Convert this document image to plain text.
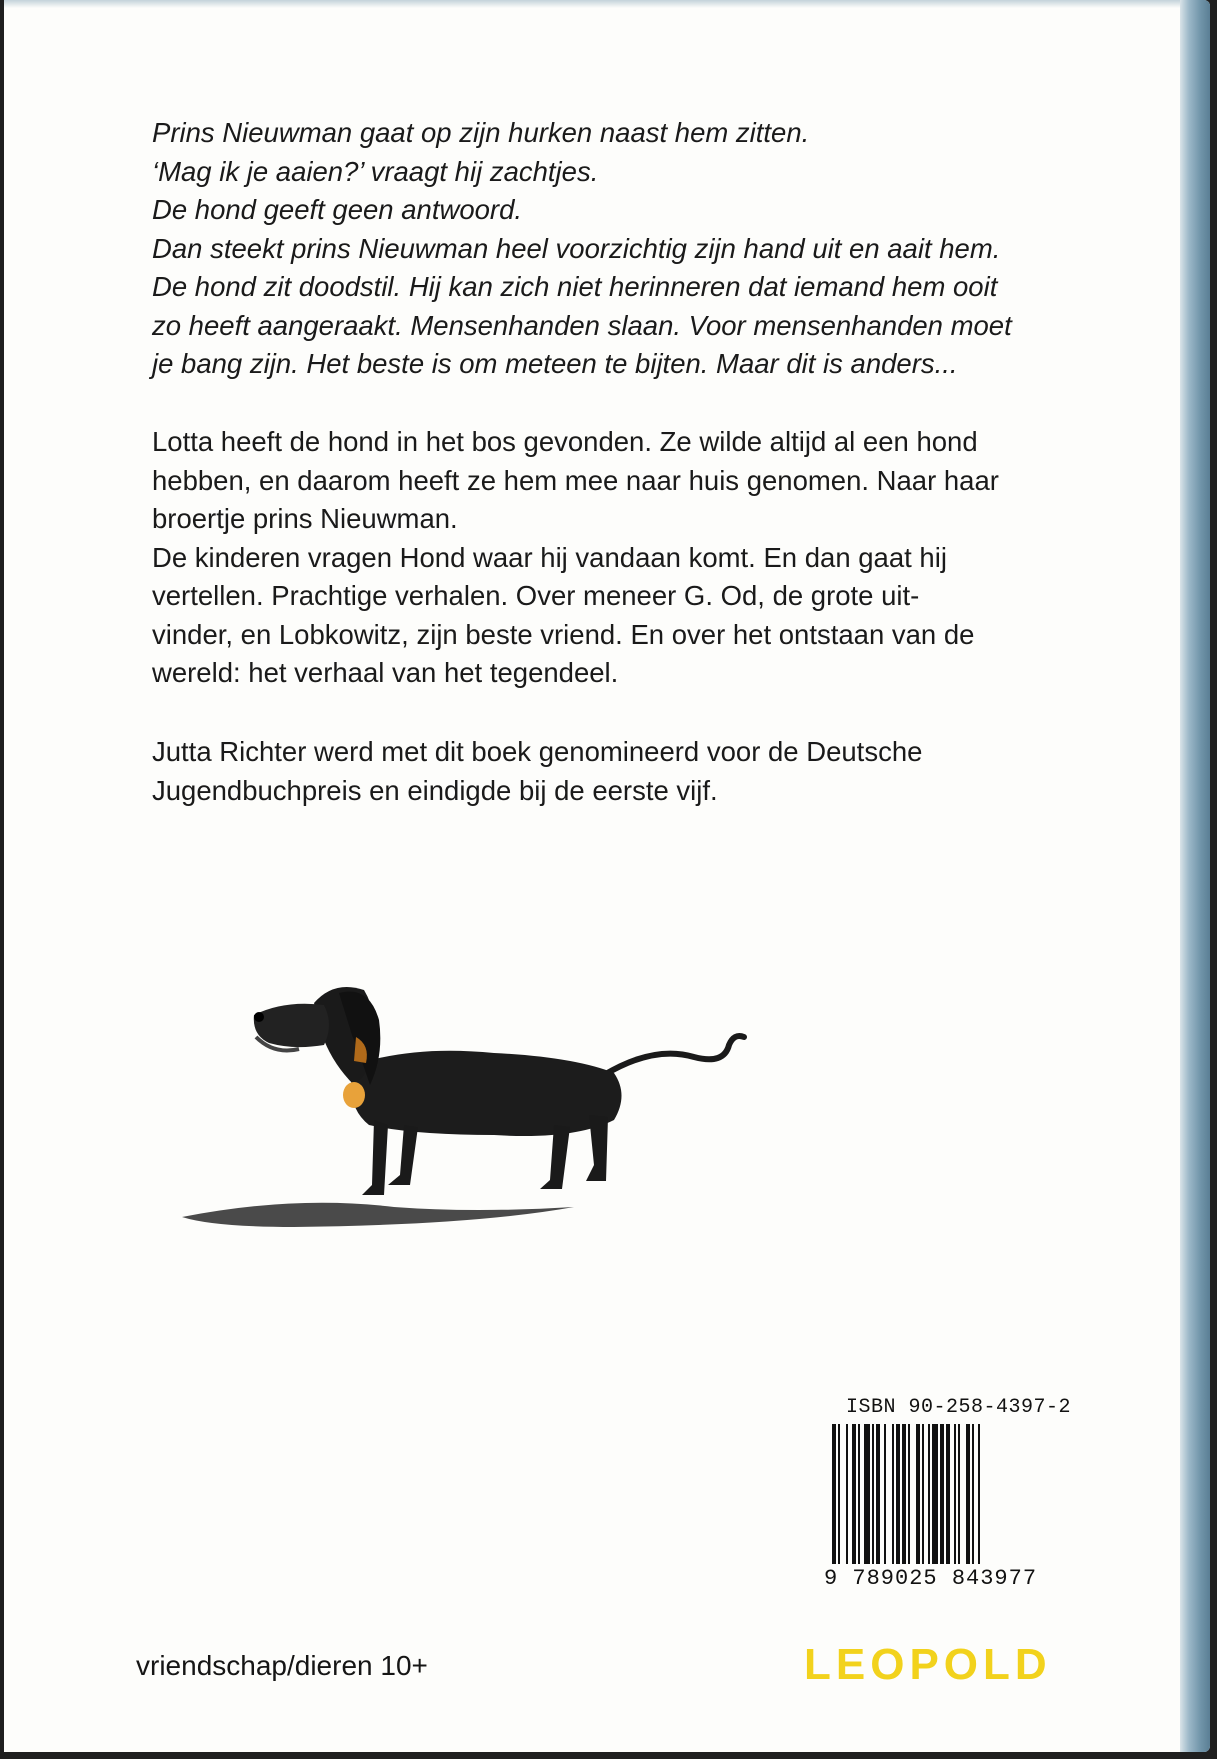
Prins Nieuwman gaat op zijn hurken naast hem zitten.
‘Mag ik je aaien?’ vraagt hij zachtjes.
De hond geeft geen antwoord.
Dan steekt prins Nieuwman heel voorzichtig zijn hand uit en aait hem.
De hond zit doodstil. Hij kan zich niet herinneren dat iemand hem ooit
zo heeft aangeraakt. Mensenhanden slaan. Voor mensenhanden moet
je bang zijn. Het beste is om meteen te bijten. Maar dit is anders...
Lotta heeft de hond in het bos gevonden. Ze wilde altijd al een hond
hebben, en daarom heeft ze hem mee naar huis genomen. Naar haar
broertje prins Nieuwman.
De kinderen vragen Hond waar hij vandaan komt. En dan gaat hij
vertellen. Prachtige verhalen. Over meneer G. Od, de grote uit-
vinder, en Lobkowitz, zijn beste vriend. En over het ontstaan van de
wereld: het verhaal van het tegendeel.
Jutta Richter werd met dit boek genomineerd voor de Deutsche
Jugendbuchpreis en eindigde bij de eerste vijf.
ISBN 90-258-4397-2
9 789025 843977
vriendschap/dieren 10+	LEOPOLD
